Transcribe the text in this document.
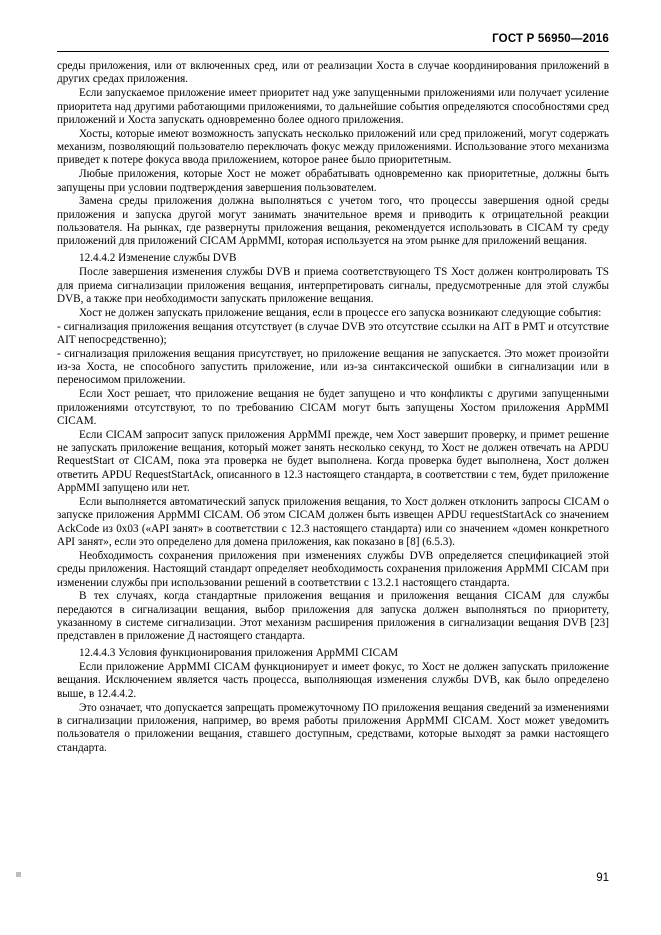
ГОСТ Р 56950—2016

среды приложения, или от включенных сред, или от реализации Хоста в случае координирования приложений в других средах приложения.

Если запускаемое приложение имеет приоритет над уже запущенными приложениями или получает усиление приоритета над другими работающими приложениями, то дальнейшие события определяются способностями сред приложений и Хоста запускать одновременно более одного приложения.

Хосты, которые имеют возможность запускать несколько приложений или сред приложений, могут содержать механизм, позволяющий пользователю переключать фокус между приложениями. Использование этого механизма приведет к потере фокуса ввода приложением, которое ранее было приоритетным.

Любые приложения, которые Хост не может обрабатывать одновременно как приоритетные, должны быть запущены при условии подтверждения завершения пользователем.

Замена среды приложения должна выполняться с учетом того, что процессы завершения одной среды приложения и запуска другой могут занимать значительное время и приводить к отрицательной реакции пользователя. На рынках, где развернуты приложения вещания, рекомендуется использовать в CICAM ту среду приложений для приложений CICAM AppMMI, которая используется на этом рынке для приложений вещания.

12.4.4.2 Изменение службы DVB

После завершения изменения службы DVB и приема соответствующего TS Хост должен контролировать TS для приема сигнализации приложения вещания, интерпретировать сигналы, предусмотренные для этой службы DVB, а также при необходимости запускать приложение вещания.

Хост не должен запускать приложение вещания, если в процессе его запуска возникают следующие события:

- сигнализация приложения вещания отсутствует (в случае DVB это отсутствие ссылки на AIT в PMT и отсутствие AIT непосредственно);

- сигнализация приложения вещания присутствует, но приложение вещания не запускается. Это может произойти из-за Хоста, не способного запустить приложение, или из-за синтаксической ошибки в сигнализации или в переносимом приложении.

Если Хост решает, что приложение вещания не будет запущено и что конфликты с другими запущенными приложениями отсутствуют, то по требованию CICAM могут быть запущены Хостом приложения AppMMI CICAM.

Если CICAM запросит запуск приложения AppMMI прежде, чем Хост завершит проверку, и примет решение не запускать приложение вещания, который может занять несколько секунд, то Хост не должен отвечать на APDU RequestStart от CICAM, пока эта проверка не будет выполнена. Когда проверка будет выполнена, Хост должен ответить APDU RequestStartAck, описанного в 12.3 настоящего стандарта, в соответствии с тем, будет приложение AppMMI запущено или нет.

Если выполняется автоматический запуск приложения вещания, то Хост должен отклонить запросы CICAM о запуске приложения AppMMI CICAM. Об этом CICAM должен быть извещен APDU requestStartAck со значением AckCode из 0x03 («API занят» в соответствии с 12.3 настоящего стандарта) или со значением «домен конкретного API занят», если это определено для домена приложения, как показано в [8] (6.5.3).

Необходимость сохранения приложения при изменениях службы DVB определяется спецификацией этой среды приложения. Настоящий стандарт определяет необходимость сохранения приложения AppMMI CICAM при изменении службы при использовании решений в соответствии с 13.2.1 настоящего стандарта.

В тех случаях, когда стандартные приложения вещания и приложения вещания CICAM для службы передаются в сигнализации вещания, выбор приложения для запуска должен выполняться по приоритету, указанному в системе сигнализации. Этот механизм расширения приложения в сигнализации вещания DVB [23] представлен в приложение Д настоящего стандарта.

12.4.4.3 Условия функционирования приложения AppMMI CICAM

Если приложение AppMMI CICAM функционирует и имеет фокус, то Хост не должен запускать приложение вещания. Исключением является часть процесса, выполняющая изменения службы DVB, как было определено выше, в 12.4.4.2.

Это означает, что допускается запрещать промежуточному ПО приложения вещания сведений за изменениями в сигнализации приложения, например, во время работы приложения AppMMI CICAM. Хост может уведомить пользователя о приложении вещания, ставшего доступным, средствами, которые выходят за рамки настоящего стандарта.

91
